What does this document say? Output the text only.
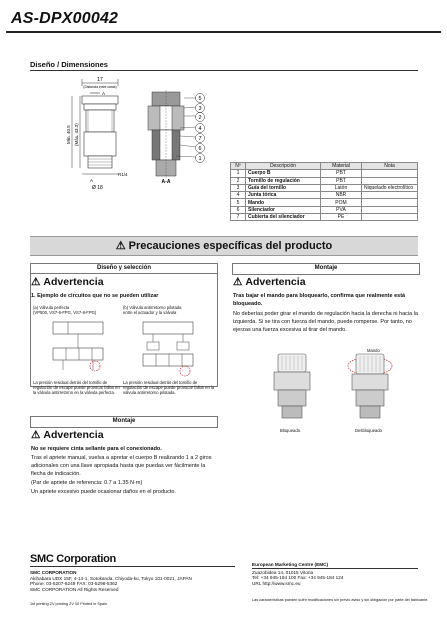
AS-DPX00042
Diseño / Dimensiones
17
(Distancia entre caras)
A
Mín. 40.5 (Máx. 43.3)
A
Ø 18
R1/4
A-A
5
3
2
4
7
6
1
Nº	Descripción	Material	Nota
1	Cuerpo B	PBT	
2	Tornillo de regulación	PBT	
3	Guía del tornillo	Latón	Niquelado electrolítico
4	Junta tórica	NBR	
5	Mando	POM	
6	Silenciador	PVA	
7	Cubierta del silenciador	PE	
⚠ Precauciones específicas del producto
Diseño y selección
⚠ Advertencia
1. Ejemplo de circuitos que no se pueden utilizar
(a) Válvula perfecta
(VP500, VS7-6-FPG, VS7-8-FPG)
(b) Válvula antirretorno pilotada
entre el actuador y la válvula
La presión residual detrás del tornillo de regulación de escape puede provocar fallos en la válvula antirretorno en la válvula perfecta.
La presión residual detrás del tornillo de regulación de escape puede provocar fallos en la válvula antirretorno pilotada.
Montaje
⚠ Advertencia
No se requiere cinta sellante para el conexionado.
Tras el apriete manual, vuelva a apretar el cuerpo B realizando 1 a 2 giros adicionales con una llave apropiada hasta que puedas ver fácilmente la flecha de indicación.
(Par de apriete de referencia: 0.7 a 1.35 N·m)
Un apriete excesivo puede ocasionar daños en el producto.
Montaje
⚠ Advertencia
Tras bajar el mando para bloquearlo, confirma que realmente está bloqueado.
No deberías poder girar el mando de regulación hacia la derecha ni hacia la izquierda. Si se tira con fuerza del mando, puede romperse. Por tanto, no ejerzas una fuerza excesiva al tirar del mando.
Mando
Bloqueado	Desbloqueado
SMC Corporation
SMC CORPORATION
Akihabara UDX 15F, 4-14-1, Sotokanda, Chiyoda-ku, Tokyo 101-0021, JAPAN
Phone: 03-5207-8249 FAX: 03-5298-5362
SMC CORPORATION All Rights Reserved
European Marketing Centre (EMC)
Zuazobidea 14, 01015 Vitoria
Tel: +34 945-184 100 Fax: +34 945-184 124
URL http://www.smc.eu
1st printing ZV printing ZV 00 Printed in Spain
Las características pueden sufrir modificaciones sin previo aviso y sin obligación por parte del fabricante.
